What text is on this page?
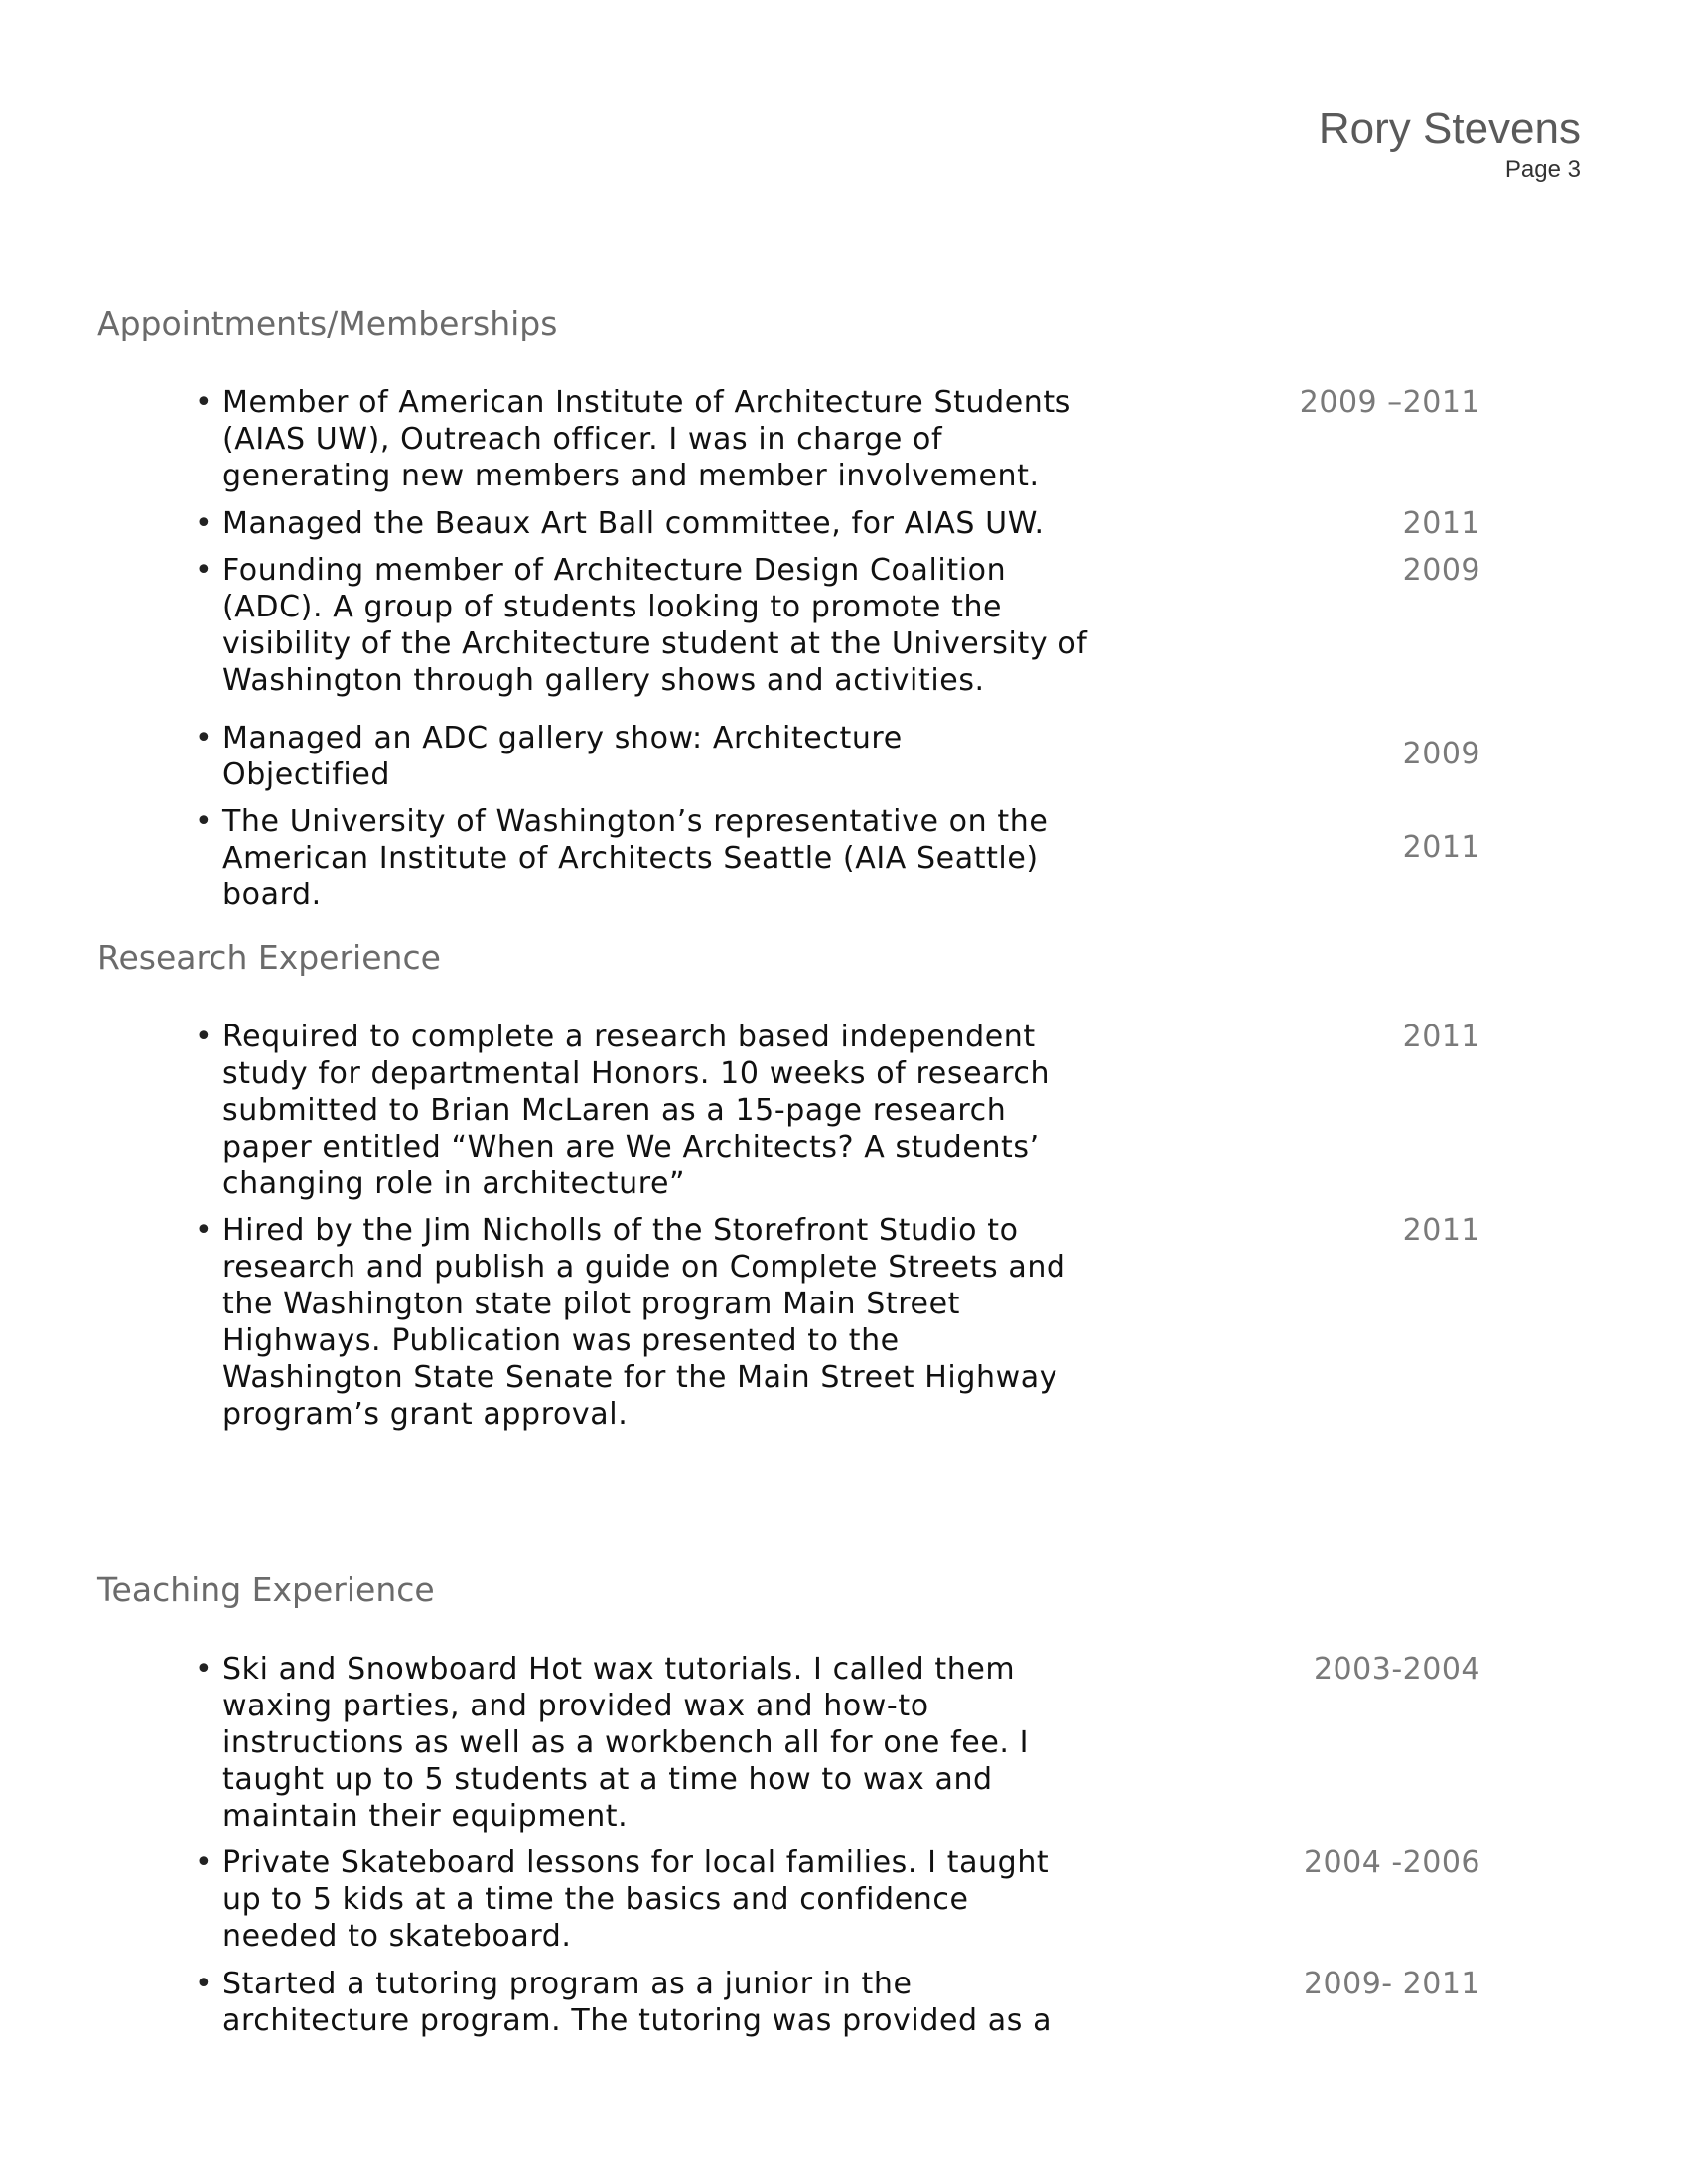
Rory Stevens
Page 3
Appointments/Memberships
• Member of American Institute of Architecture Students
(AIAS UW), Outreach officer. I was in charge of
generating new members and member involvement.
2009 –2011
• Managed the Beaux Art Ball committee, for AIAS UW.	2011
• Founding member of Architecture Design Coalition
(ADC). A group of students looking to promote the
visibility of the Architecture student at the University of
Washington through gallery shows and activities.
2009
• Managed an ADC gallery show: Architecture
Objectified
2009
• The University of Washington’s representative on the
American Institute of Architects Seattle (AIA Seattle)
board.
2011
Research Experience
• Required to complete a research based independent
study for departmental Honors. 10 weeks of research
submitted to Brian McLaren as a 15-page research
paper entitled “When are We Architects? A students’
changing role in architecture”
2011
• Hired by the Jim Nicholls of the Storefront Studio to
research and publish a guide on Complete Streets and
the Washington state pilot program Main Street
Highways. Publication was presented to the
Washington State Senate for the Main Street Highway
program’s grant approval.
2011
Teaching Experience
• Ski and Snowboard Hot wax tutorials. I called them
waxing parties, and provided wax and how-to
instructions as well as a workbench all for one fee. I
taught up to 5 students at a time how to wax and
maintain their equipment.
2003-2004
• Private Skateboard lessons for local families. I taught
up to 5 kids at a time the basics and confidence
needed to skateboard.
2004 -2006
• Started a tutoring program as a junior in the
architecture program. The tutoring was provided as a
2009- 2011
